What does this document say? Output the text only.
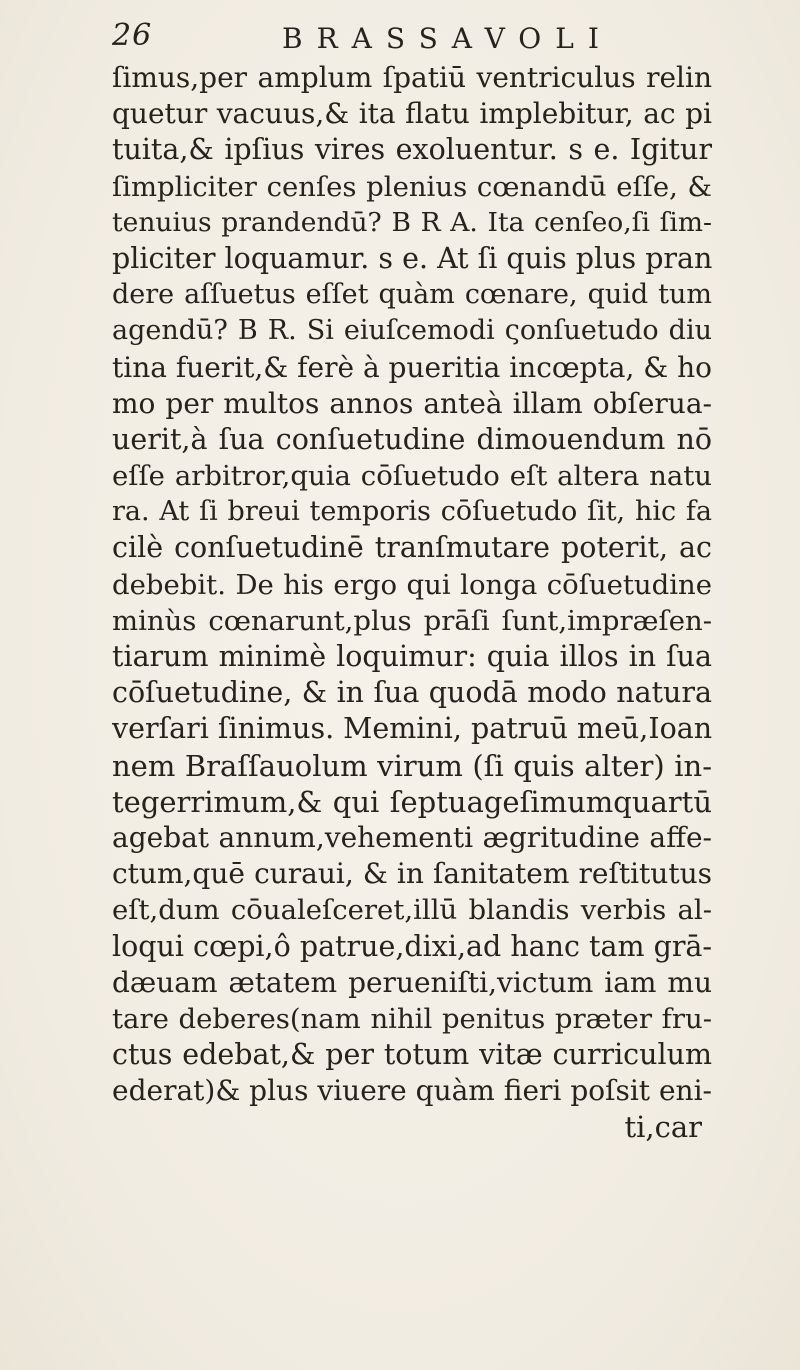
26	BRASSAVOLI
ſimus,per amplum ſpatiū ventriculus relin
quetur vacuus,& ita flatu implebitur, ac pi
tuita,& ipſius vires exoluentur. s e. Igitur
ſimpliciter cenſes plenius cœnandū eſſe, &
tenuius prandendū? B R A. Ita cenſeo,ſi ſim-
pliciter loquamur. s e. At ſi quis plus pran
dere aſſuetus eſſet quàm cœnare, quid tum
agendū? B R. Si eiuſcemodi ςonſuetudo diu
tina fuerit,& ferè à pueritia incœpta, & ho
mo per multos annos anteà illam obſerua-
uerit,à ſua conſuetudine dimouendum nō
eſſe arbitror,quia cōſuetudo eſt altera natu
ra. At ſi breui temporis cōſuetudo ſit, hic fa
cilè conſuetudinē tranſmutare poterit, ac
debebit. De his ergo qui longa cōſuetudine
minùs cœnarunt,plus prāſi ſunt,impræſen-
tiarum minimè loquimur: quia illos in ſua
cōſuetudine, & in ſua quodā modo natura
verſari ſinimus. Memini, patruū meū,Ioan
nem Braſſauolum virum (ſi quis alter) in-
tegerrimum,& qui ſeptuageſimumquartū
agebat annum,vehementi ægritudine affe-
ctum,quē curaui, & in ſanitatem reſtitutus
eſt,dum cōualeſceret,illū blandis verbis al-
loqui cœpi,ô patrue,dixi,ad hanc tam grā-
dæuam ætatem perueniſti,victum iam mu
tare deberes(nam nihil penitus præter fru-
ctus edebat,& per totum vitæ curriculum
ederat)& plus viuere quàm fieri poſsit eni-
ti,car
